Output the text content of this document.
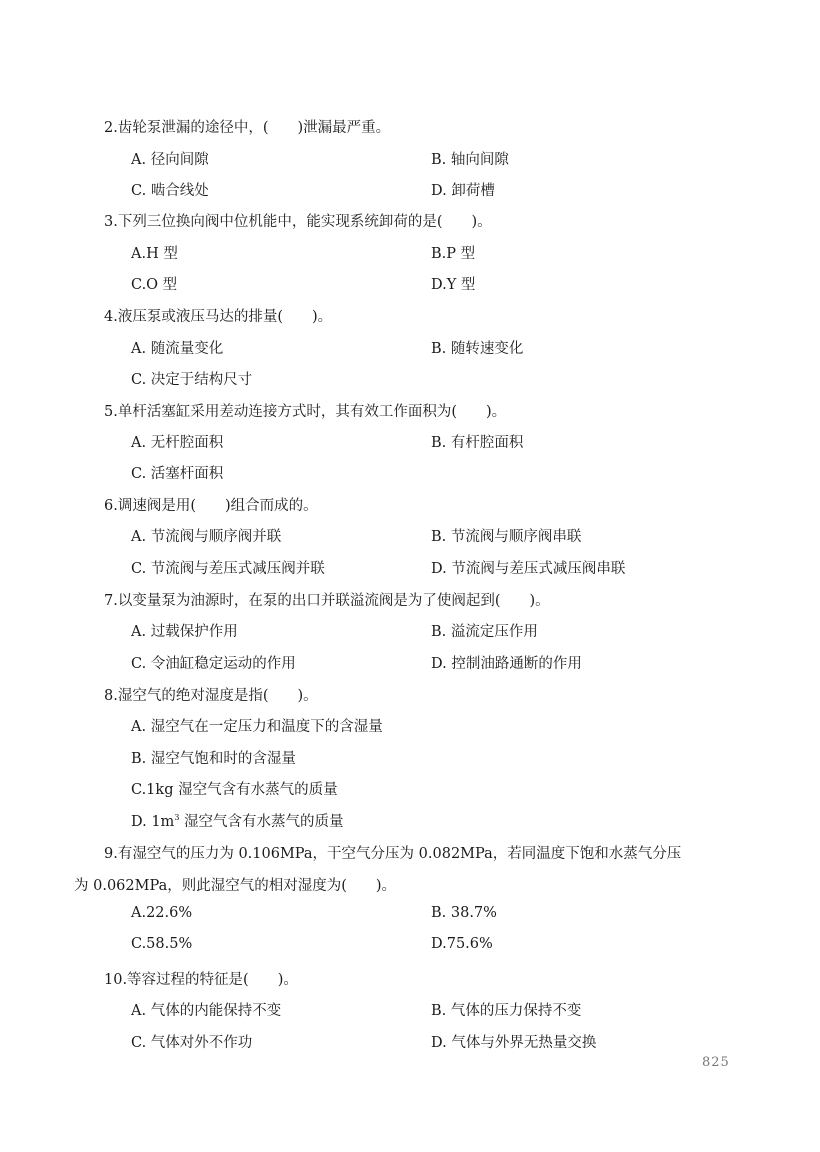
2.齿轮泵泄漏的途径中，(　　)泄漏最严重。
A. 径向间隙	B. 轴向间隙
C. 啮合线处	D. 卸荷槽
3.下列三位换向阀中位机能中，能实现系统卸荷的是(　　)。
A.H 型	B.P 型
C.O 型	D.Y 型
4.液压泵或液压马达的排量(　　)。
A. 随流量变化	B. 随转速变化
C. 决定于结构尺寸
5.单杆活塞缸采用差动连接方式时，其有效工作面积为(　　)。
A. 无杆腔面积	B. 有杆腔面积
C. 活塞杆面积
6.调速阀是用(　　)组合而成的。
A. 节流阀与顺序阀并联	B. 节流阀与顺序阀串联
C. 节流阀与差压式减压阀并联	D. 节流阀与差压式减压阀串联
7.以变量泵为油源时，在泵的出口并联溢流阀是为了使阀起到(　　)。
A. 过载保护作用	B. 溢流定压作用
C. 令油缸稳定运动的作用	D. 控制油路通断的作用
8.湿空气的绝对湿度是指(　　)。
A. 湿空气在一定压力和温度下的含湿量
B. 湿空气饱和时的含湿量
C.1kg 湿空气含有水蒸气的质量
D. $1m^3$ 湿空气含有水蒸气的质量
9.有湿空气的压力为 0.106MPa，干空气分压为 0.082MPa，若同温度下饱和水蒸气分压
为 0.062MPa，则此湿空气的相对湿度为(　　)。
A.22.6%	B. 38.7%
C.58.5%	D.75.6%
10.等容过程的特征是(　　)。
A. 气体的内能保持不变	B. 气体的压力保持不变
C. 气体对外不作功	D. 气体与外界无热量交换
825
